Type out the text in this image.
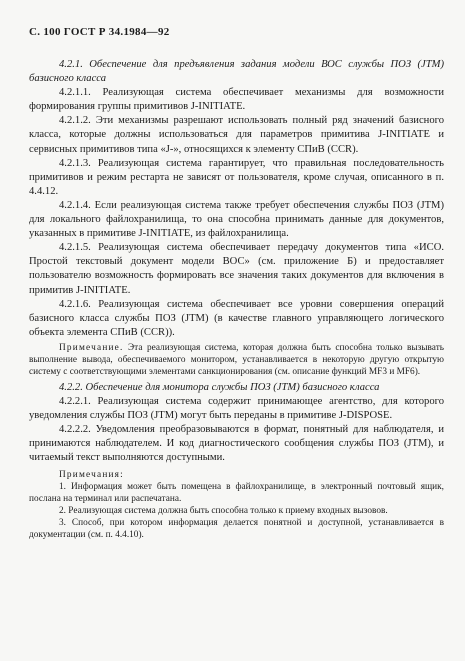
С. 100 ГОСТ Р 34.1984—92

4.2.1. Обеспечение для предъявления задания модели ВОС службы ПОЗ (JTM) базисного класса

4.2.1.1. Реализующая система обеспечивает механизмы для возможности формирования группы примитивов J-INITIATE.

4.2.1.2. Эти механизмы разрешают использовать полный ряд значений базисного класса, которые должны использоваться для параметров примитива J-INITIATE и сервисных примитивов типа «J-», относящихся к элементу СПиВ (CCR).

4.2.1.3. Реализующая система гарантирует, что правильная последовательность примитивов и режим рестарта не зависят от пользователя, кроме случая, описанного в п. 4.4.12.

4.2.1.4. Если реализующая система также требует обеспечения службы ПОЗ (JTM) для локального файлохранилища, то она способна принимать данные для документов, указанных в примитиве J-INITIATE, из файлохранилища.

4.2.1.5. Реализующая система обеспечивает передачу документов типа «ИСО. Простой текстовый документ модели ВОС» (см. приложение Б) и предоставляет пользователю возможность формировать все значения таких документов для включения в примитив J-INITIATE.

4.2.1.6. Реализующая система обеспечивает все уровни совершения операций базисного класса службы ПОЗ (JTM) (в качестве главного управляющего логического объекта элемента СПиВ (CCR)).

Примечание. Эта реализующая система, которая должна быть способна только вызывать выполнение вывода, обеспечиваемого монитором, устанавливается в некоторую другую открытую систему с соответствующими элементами санкционирования (см. описание функций MF3 и MF6).

4.2.2. Обеспечение для монитора службы ПОЗ (JTM) базисного класса

4.2.2.1. Реализующая система содержит принимающее агентство, для которого уведомления службы ПОЗ (JTM) могут быть переданы в примитиве J-DISPOSE.

4.2.2.2. Уведомления преобразовываются в формат, понятный для наблюдателя, и принимаются наблюдателем. И код диагностического сообщения службы ПОЗ (JTM), и читаемый текст выполняются доступными.

Примечания:

1. Информация может быть помещена в файлохранилище, в электронный почтовый ящик, послана на терминал или распечатана.

2. Реализующая система должна быть способна только к приему входных вызовов.

3. Способ, при котором информация делается понятной и доступной, устанавливается в документации (см. п. 4.4.10).
